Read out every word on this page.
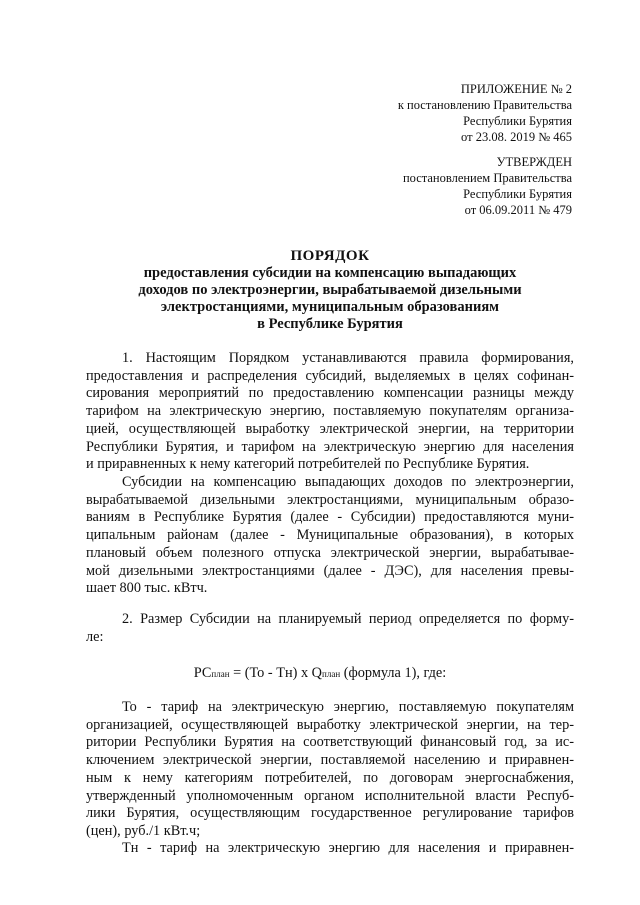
ПРИЛОЖЕНИЕ № 2
к постановлению Правительства
Республики Бурятия
от 23.08. 2019 № 465
УТВЕРЖДЕН
постановлением Правительства
Республики Бурятия
от 06.09.2011 № 479
ПОРЯДОК
предоставления субсидии на компенсацию выпадающих
доходов по электроэнергии, вырабатываемой дизельными
электростанциями, муниципальным образованиям
в Республике Бурятия
1. Настоящим Порядком устанавливаются правила формирования,
предоставления и распределения субсидий, выделяемых в целях софинан-
сирования мероприятий по предоставлению компенсации разницы между
тарифом на электрическую энергию, поставляемую покупателям организа-
цией, осуществляющей выработку электрической энергии, на территории
Республики Бурятия, и тарифом на электрическую энергию для населения
и приравненных к нему категорий потребителей по Республике Бурятия.
Субсидии на компенсацию выпадающих доходов по электроэнергии,
вырабатываемой дизельными электростанциями, муниципальным образо-
ваниям в Республике Бурятия (далее - Субсидии) предоставляются муни-
ципальным районам (далее - Муниципальные образования), в которых
плановый объем полезного отпуска электрической энергии, вырабатывае-
мой дизельными электростанциями (далее - ДЭС), для населения превы-
шает 800 тыс. кВтч.
2. Размер Субсидии на планируемый период определяется по форму-
ле:
РСплан = (То - Тн) х Qплан (формула 1), где:
То - тариф на электрическую энергию, поставляемую покупателям
организацией, осуществляющей выработку электрической энергии, на тер-
ритории Республики Бурятия на соответствующий финансовый год, за ис-
ключением электрической энергии, поставляемой населению и приравнен-
ным к нему категориям потребителей, по договорам энергоснабжения,
утвержденный уполномоченным органом исполнительной власти Респуб-
лики Бурятия, осуществляющим государственное регулирование тарифов
(цен), руб./1 кВт.ч;
Тн - тариф на электрическую энергию для населения и приравнен-
